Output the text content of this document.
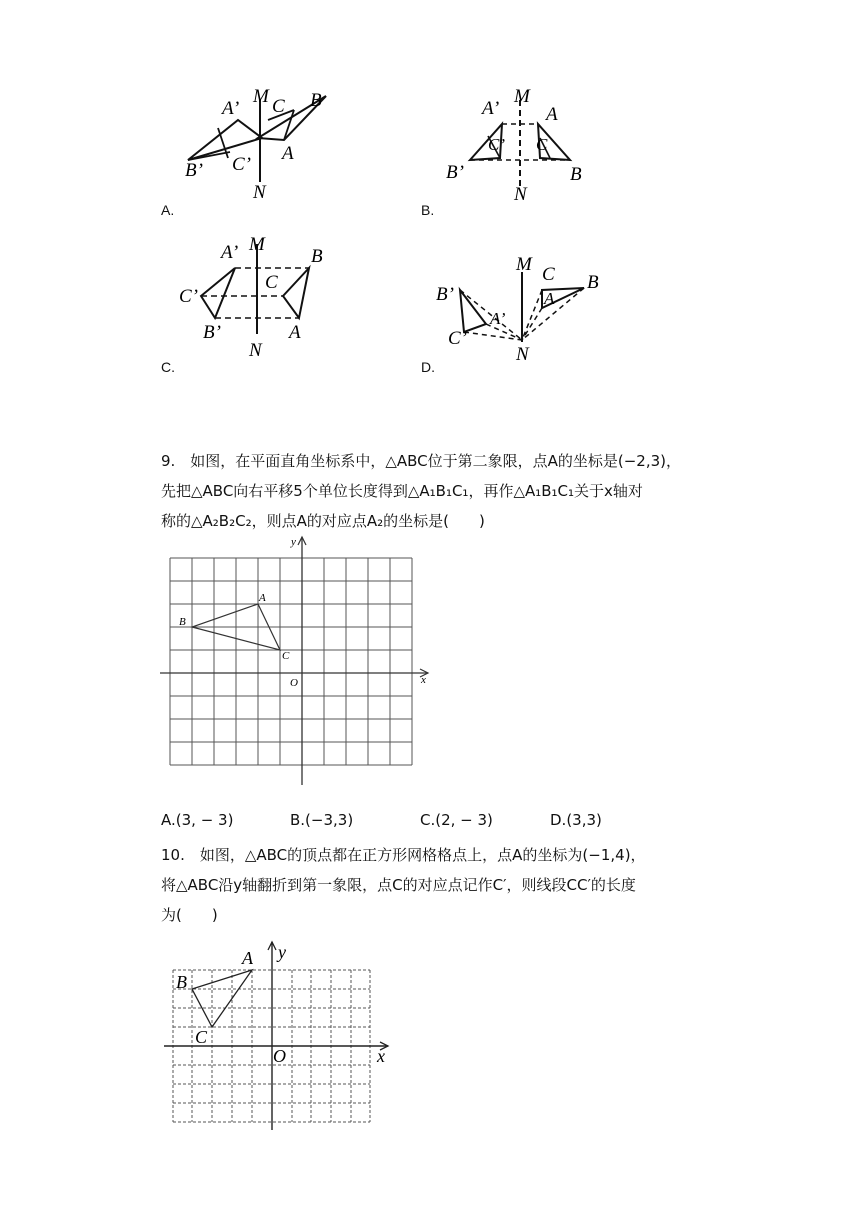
A’
M C B
B’ C’
A
N
A.
A’
M
A
C’ C
B’	B
N
B.
A’ M
B
C’
C
B’	A
N
C.
M C B
B’	A
A’
C’
N
D.
9.　如图，在平面直角坐标系中，△ABC位于第二象限，点A的坐标是(−2,3)，
先把△ABC向右平移5个单位长度得到△A₁B₁C₁，再作△A₁B₁C₁关于x轴对
称的△A₂B₂C₂，则点A的对应点A₂的坐标是(　　)
y
x
O
A
B
C
A.(3, − 3)	B.(−3,3)	C.(2, − 3)	D.(3,3)
10.　如图，△ABC的顶点都在正方形网格格点上，点A的坐标为(−1,4)，
将△ABC沿y轴翻折到第一象限，点C的对应点记作C′，则线段CC′的长度
为(　　)
y
x
O
A
B
C
